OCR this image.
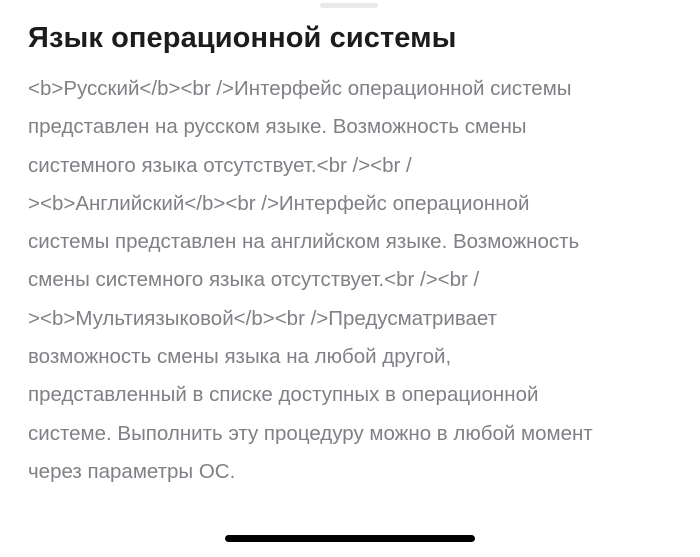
Язык операционной системы
<b>Русский</b><br />Интерфейс операционной системы
представлен на русском языке. Возможность смены
системного языка отсутствует.<br /><br /
><b>Английский</b><br />Интерфейс операционной
системы представлен на английском языке. Возможность
смены системного языка отсутствует.<br /><br /
><b>Мультиязыковой</b><br />Предусматривает
возможность смены языка на любой другой,
представленный в списке доступных в операционной
системе. Выполнить эту процедуру можно в любой момент
через параметры ОС.
